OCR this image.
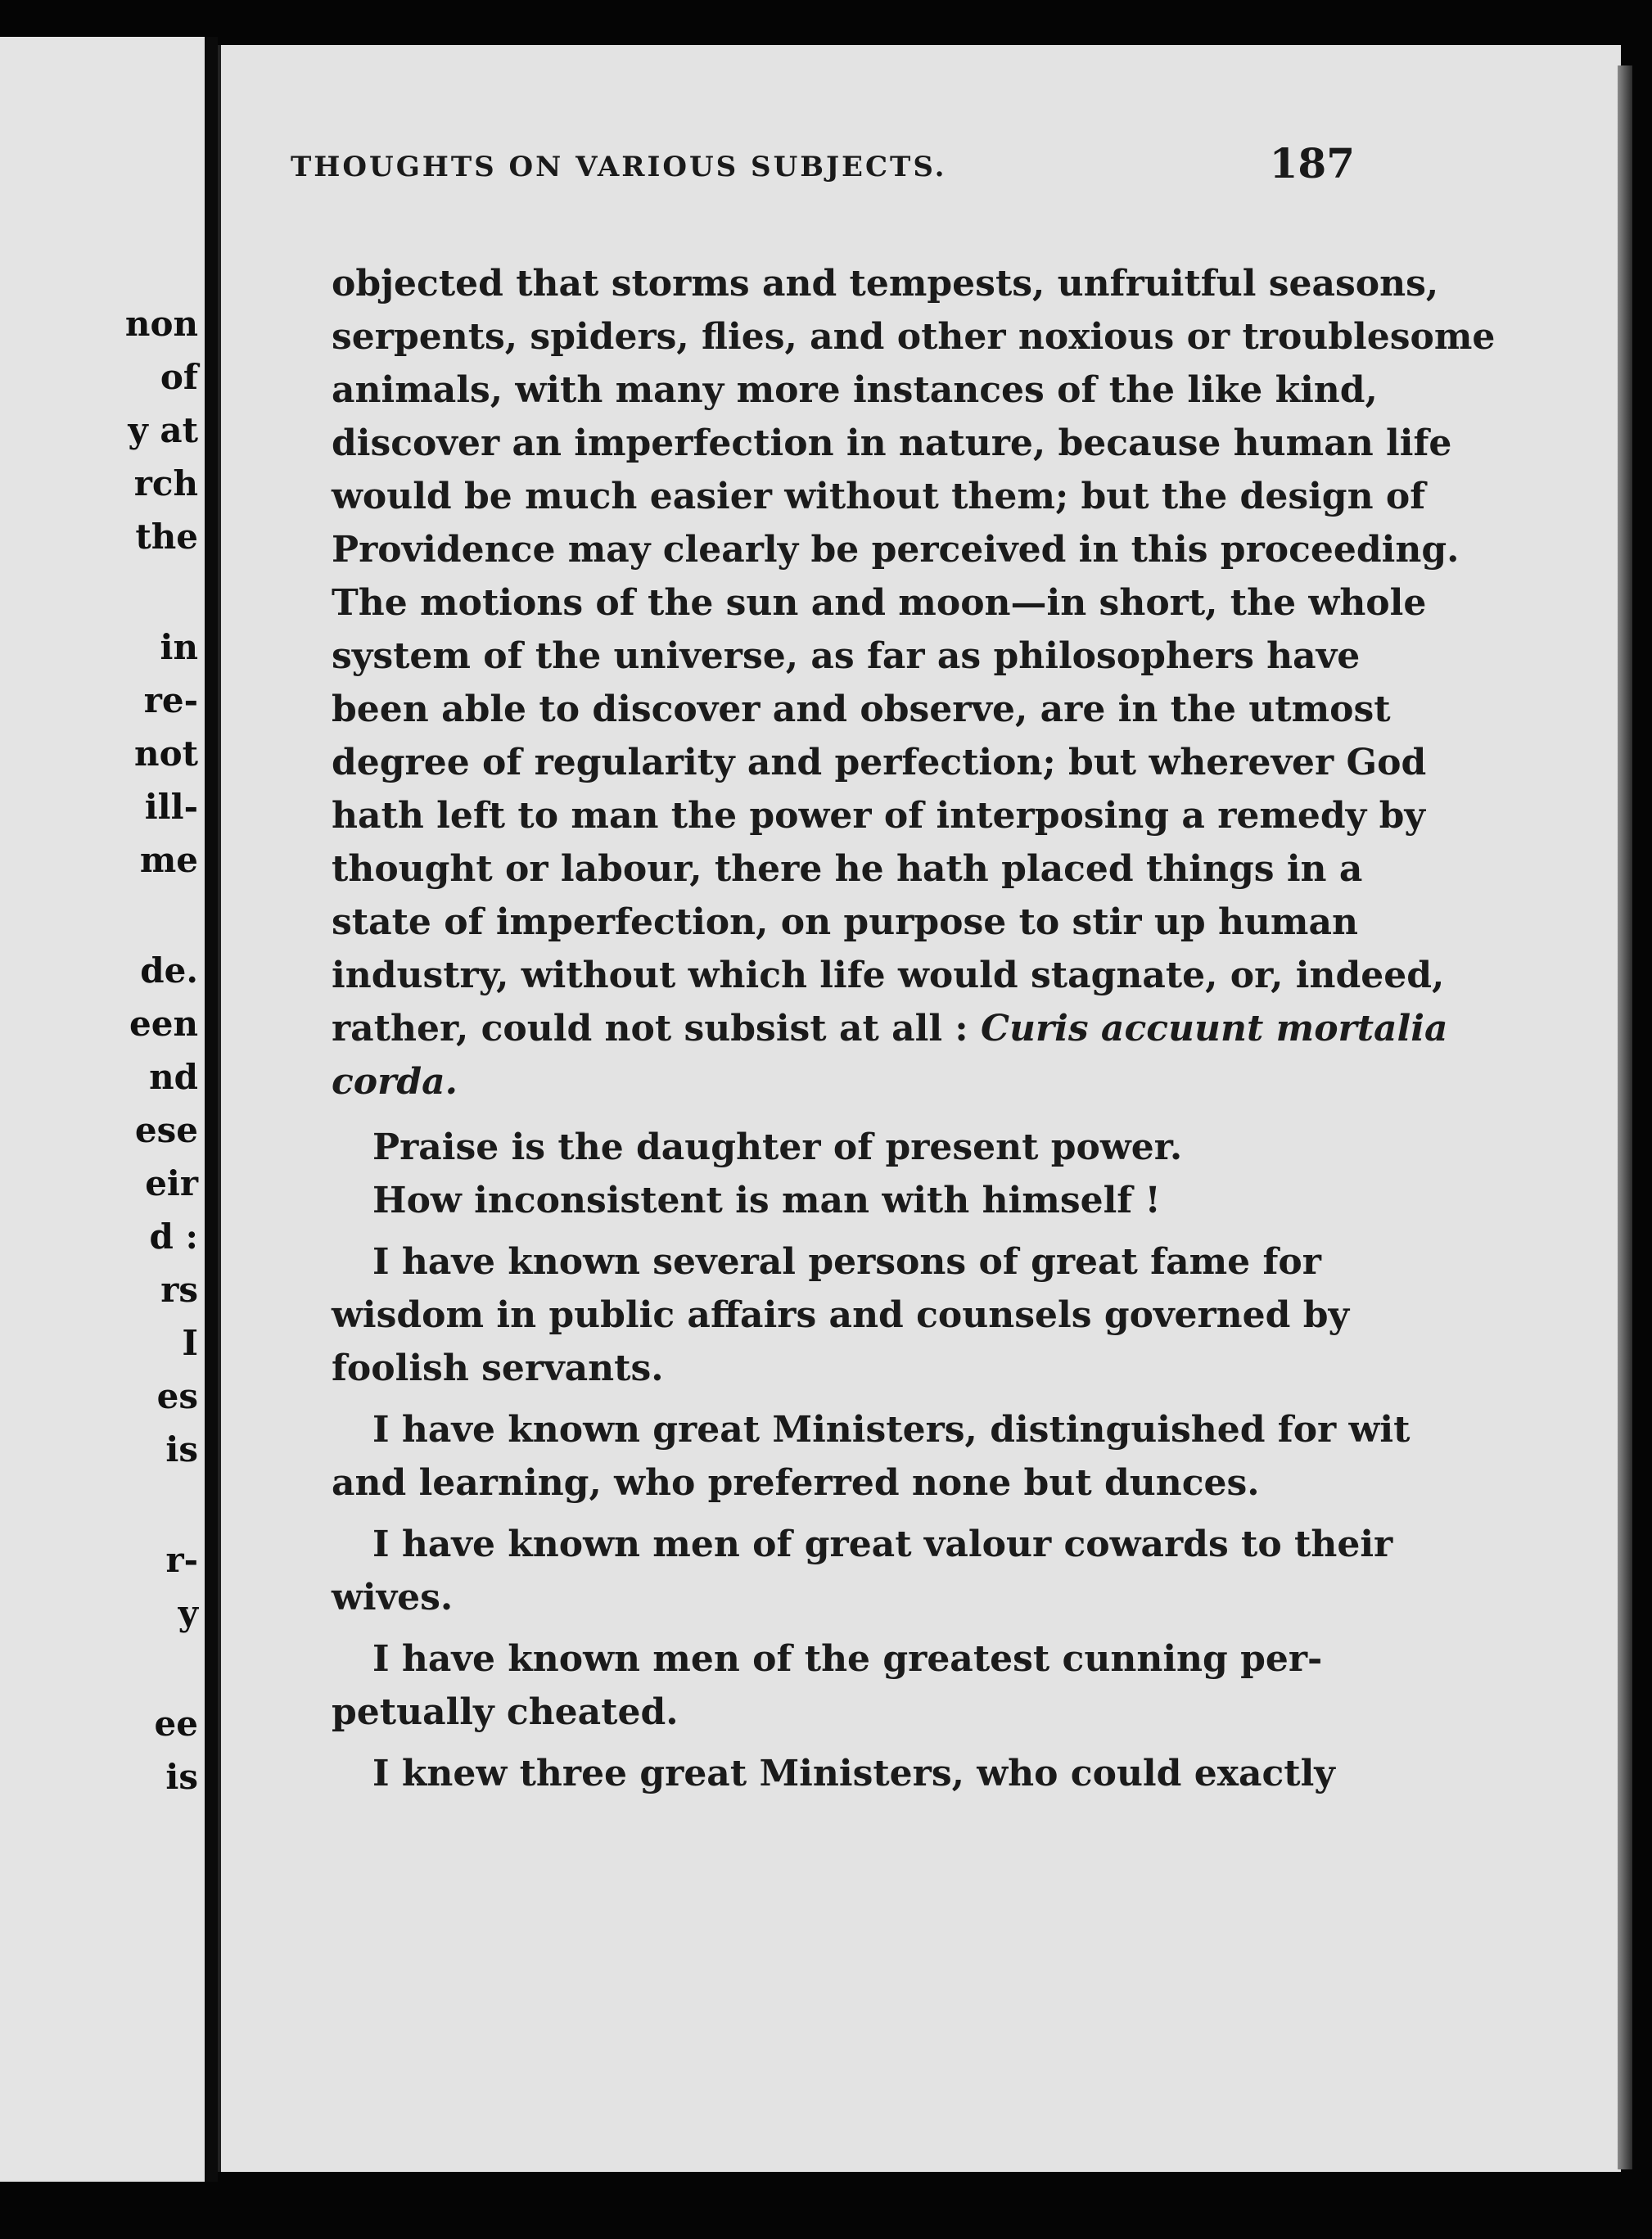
non
of
y at
rch
the
in
re-
not
ill-
me
de.
een
nd
ese
eir
d :
rs
I
es
is
r-
y
ee
is
THOUGHTS ON VARIOUS SUBJECTS.	187
objected that storms and tempests, unfruitful seasons,
serpents, spiders, flies, and other noxious or troublesome
animals, with many more instances of the like kind,
discover an imperfection in nature, because human life
would be much easier without them; but the design of
Providence may clearly be perceived in this proceeding.
The motions of the sun and moon—in short, the whole
system of the universe, as far as philosophers have
been able to discover and observe, are in the utmost
degree of regularity and perfection; but wherever God
hath left to man the power of interposing a remedy by
thought or labour, there he hath placed things in a
state of imperfection, on purpose to stir up human
industry, without which life would stagnate, or, indeed,
rather, could not subsist at all : Curis accuunt mortalia
corda.
Praise is the daughter of present power.
How inconsistent is man with himself !
I have known several persons of great fame for
wisdom in public affairs and counsels governed by
foolish servants.
I have known great Ministers, distinguished for wit
and learning, who preferred none but dunces.
I have known men of great valour cowards to their
wives.
I have known men of the greatest cunning per-
petually cheated.
I knew three great Ministers, who could exactly
